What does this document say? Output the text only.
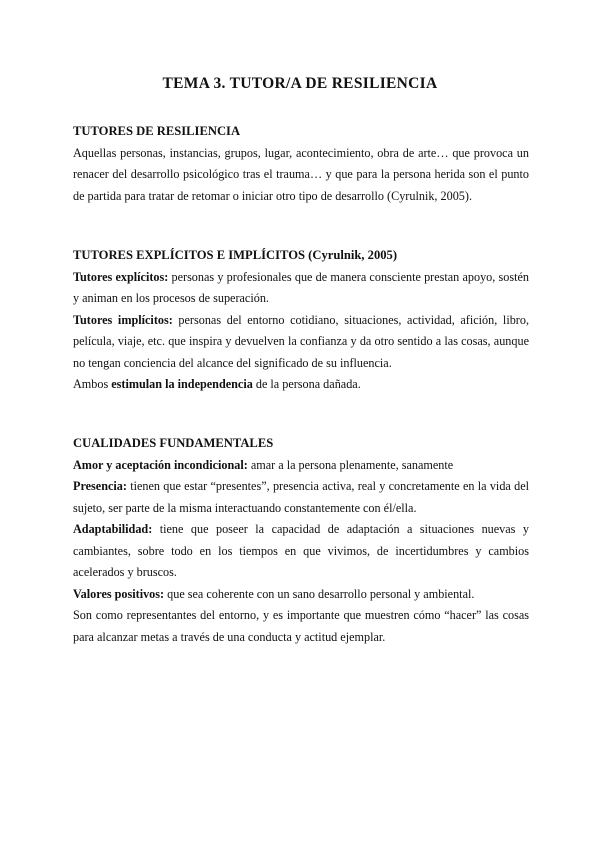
TEMA 3. TUTOR/A DE RESILIENCIA
TUTORES DE RESILIENCIA

Aquellas personas, instancias, grupos, lugar, acontecimiento, obra de arte… que provoca un renacer del desarrollo psicológico tras el trauma… y que para la persona herida son el punto de partida para tratar de retomar o iniciar otro tipo de desarrollo (Cyrulnik, 2005).

TUTORES EXPLÍCITOS E IMPLÍCITOS (Cyrulnik, 2005)

Tutores explícitos: personas y profesionales que de manera consciente prestan apoyo, sostén y animan en los procesos de superación.

Tutores implícitos: personas del entorno cotidiano, situaciones, actividad, afición, libro, película, viaje, etc. que inspira y devuelven la confianza y da otro sentido a las cosas, aunque no tengan conciencia del alcance del significado de su influencia.

Ambos estimulan la independencia de la persona dañada.

CUALIDADES FUNDAMENTALES

Amor y aceptación incondicional: amar a la persona plenamente, sanamente

Presencia: tienen que estar “presentes”, presencia activa, real y concretamente en la vida del sujeto, ser parte de la misma interactuando constantemente con él/ella.

Adaptabilidad: tiene que poseer la capacidad de adaptación a situaciones nuevas y cambiantes, sobre todo en los tiempos en que vivimos, de incertidumbres y cambios acelerados y bruscos.

Valores positivos: que sea coherente con un sano desarrollo personal y ambiental.

Son como representantes del entorno, y es importante que muestren cómo “hacer” las cosas para alcanzar metas a través de una conducta y actitud ejemplar.
